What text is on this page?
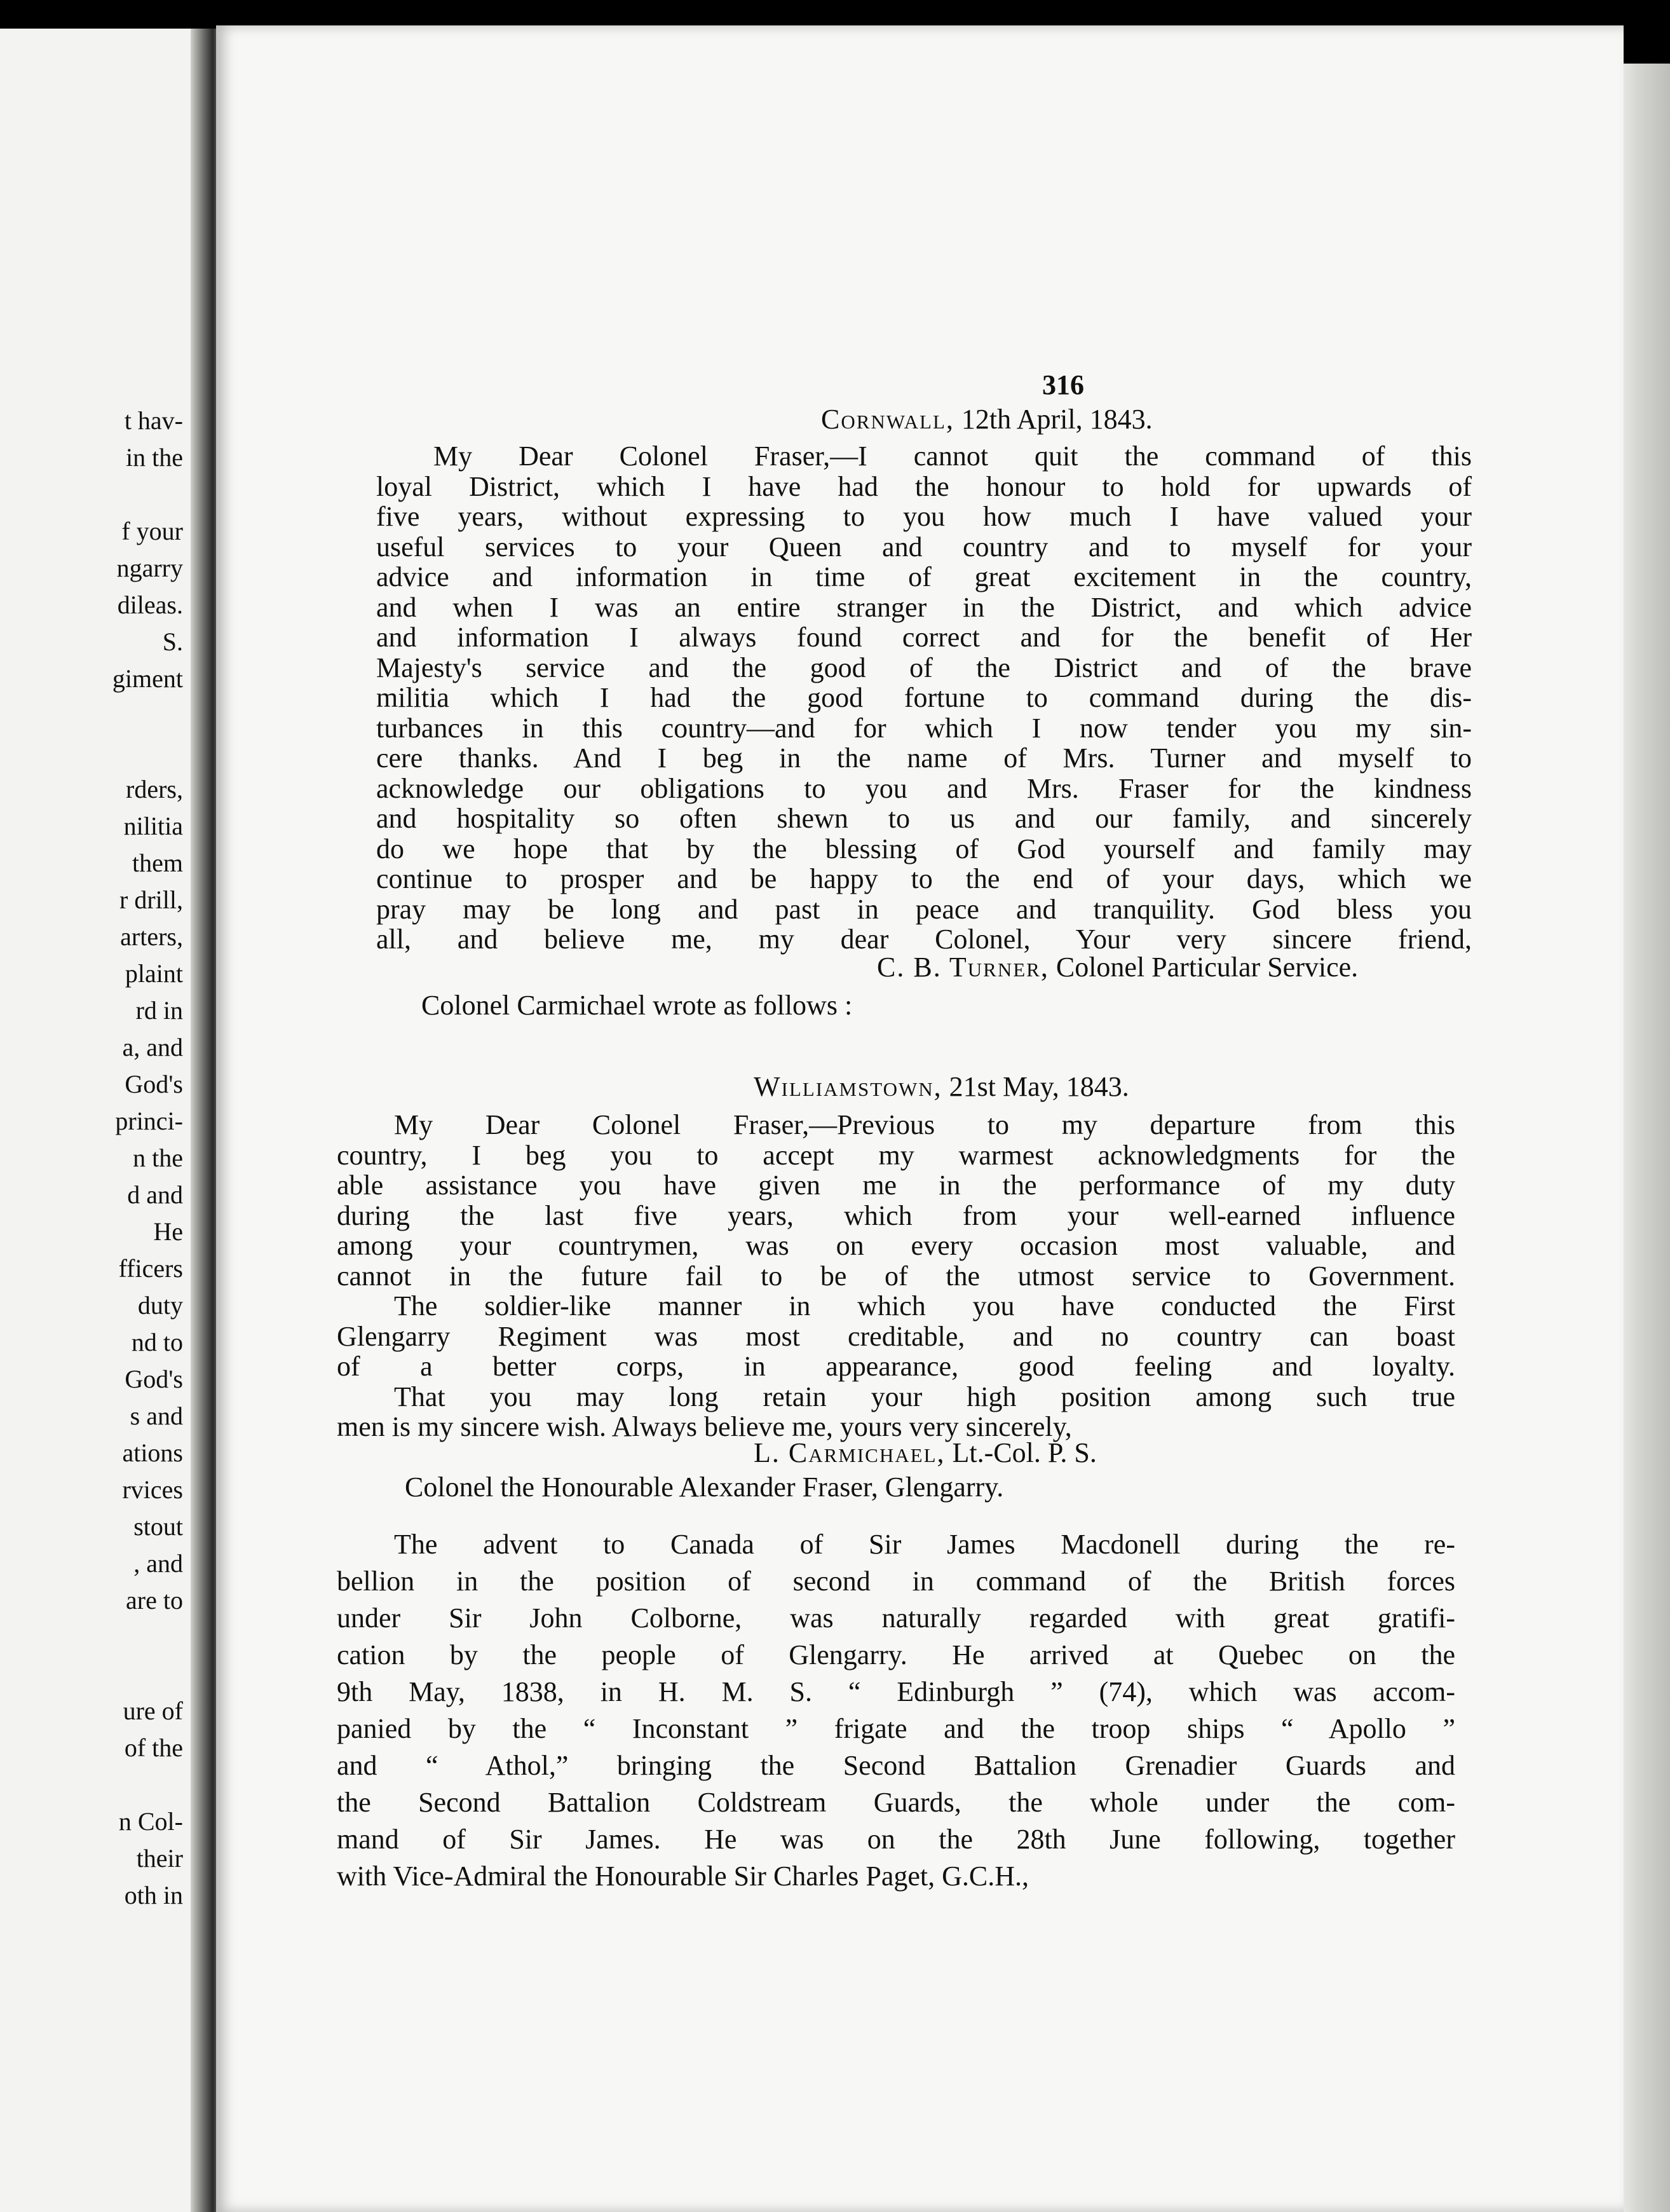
t hav-
in the
f your
ngarry
dileas.
S.
giment
rders,
nilitia
them
r drill,
arters,
plaint
rd in
a, and
God's
princi-
n the
d and
He
fficers
duty
nd to
God's
s and
ations
rvices
stout
, and
are to
ure of
of the
n Col-
their
oth in
316
Cornwall, 12th April, 1843.
My Dear Colonel Fraser,—I cannot quit the command of this
loyal District, which I have had the honour to hold for upwards of
five years, without expressing to you how much I have valued your
useful services to your Queen and country and to myself for your
advice and information in time of great excitement in the country,
and when I was an entire stranger in the District, and which advice
and information I always found correct and for the benefit of Her
Majesty's service and the good of the District and of the brave
militia which I had the good fortune to command during the dis-
turbances in this country—and for which I now tender you my sin-
cere thanks. And I beg in the name of Mrs. Turner and myself to
acknowledge our obligations to you and Mrs. Fraser for the kindness
and hospitality so often shewn to us and our family, and sincerely
do we hope that by the blessing of God yourself and family may
continue to prosper and be happy to the end of your days, which we
pray may be long and past in peace and tranquility. God bless you
all, and believe me, my dear Colonel, Your very sincere friend,
C. B. Turner, Colonel Particular Service.
Colonel Carmichael wrote as follows :
Williamstown, 21st May, 1843.
My Dear Colonel Fraser,—Previous to my departure from this
country, I beg you to accept my warmest acknowledgments for the
able assistance you have given me in the performance of my duty
during the last five years, which from your well-earned influence
among your countrymen, was on every occasion most valuable, and
cannot in the future fail to be of the utmost service to Government.
The soldier-like manner in which you have conducted the First
Glengarry Regiment was most creditable, and no country can boast
of a better corps, in appearance, good feeling and loyalty.
That you may long retain your high position among such true
men is my sincere wish. Always believe me, yours very sincerely,
L. Carmichael, Lt.-Col. P. S.
Colonel the Honourable Alexander Fraser, Glengarry.
The advent to Canada of Sir James Macdonell during the re-
bellion in the position of second in command of the British forces
under Sir John Colborne, was naturally regarded with great gratifi-
cation by the people of Glengarry. He arrived at Quebec on the
9th May, 1838, in H. M. S. “ Edinburgh ” (74), which was accom-
panied by the “ Inconstant ” frigate and the troop ships “ Apollo ”
and “ Athol,” bringing the Second Battalion Grenadier Guards and
the Second Battalion Coldstream Guards, the whole under the com-
mand of Sir James. He was on the 28th June following, together
with Vice-Admiral the Honourable Sir Charles Paget, G.C.H.,
